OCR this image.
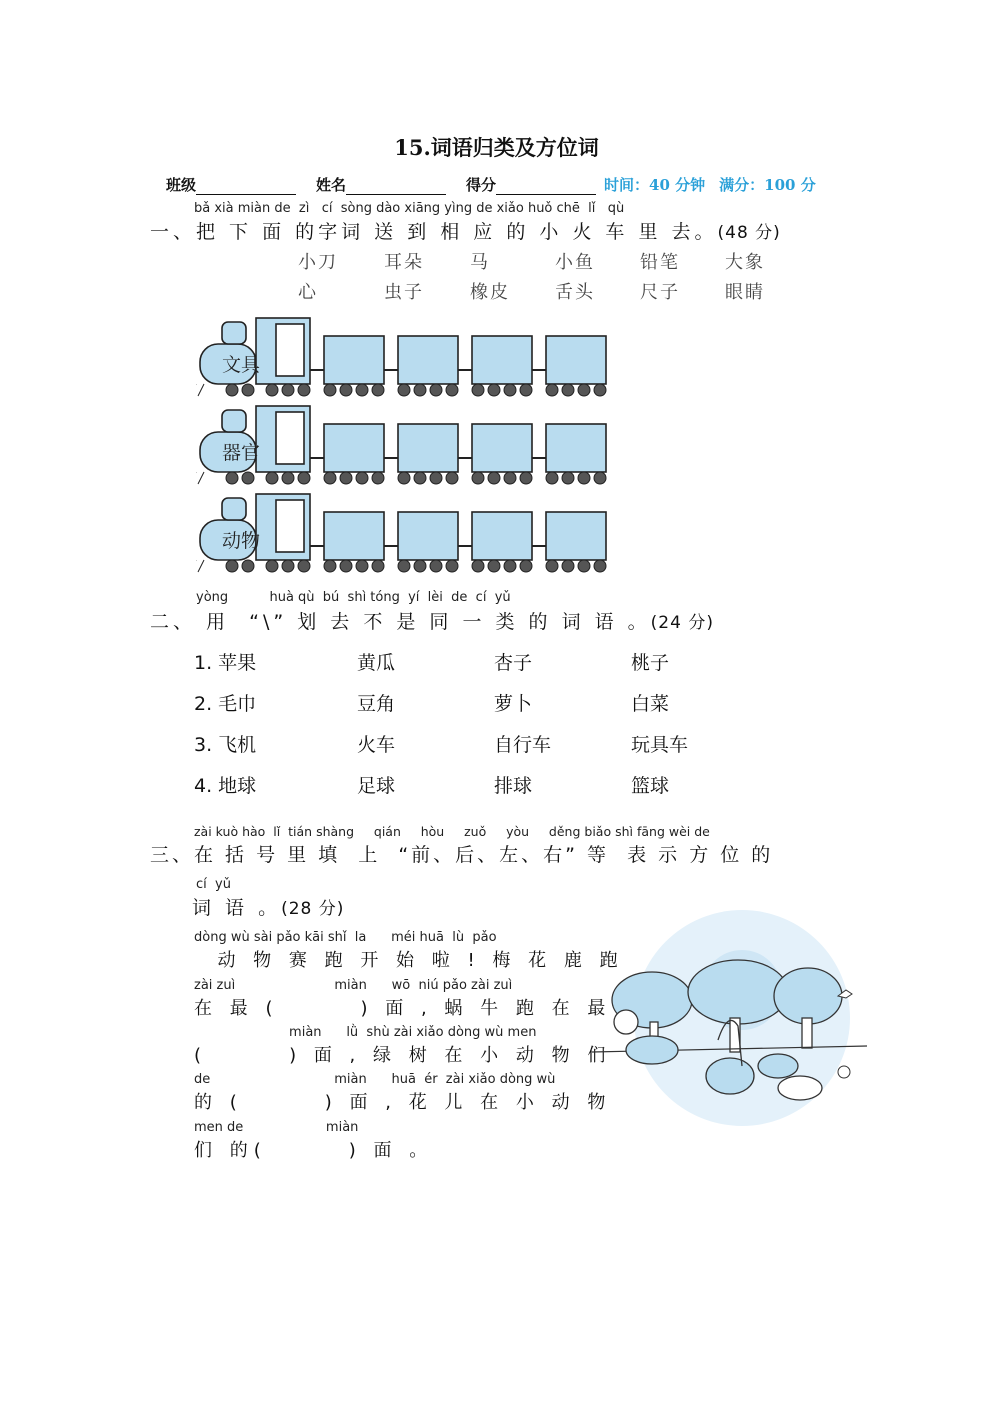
15.词语归类及方位词
班级	姓名	得分	时间：40 分钟 满分：100 分
bǎ xià miàn de  zì   cí  sòng dào xiāng yìng de xiǎo huǒ chē  lǐ   qù
一、把 下 面 的字词 送 到 相 应 的 小 火 车 里 去。(48 分)
小刀	耳朵	马	小鱼	铅笔	大象
心	虫子	橡皮	舌头	尺子	眼睛
文具
器官
动物
yòng          huà qù  bú  shì tóng  yí  lèi  de  cí  yǔ
二、 用  “\” 划 去 不 是 同 一 类 的 词 语 。(24 分)
1. 苹果	黄瓜	杏子	桃子
2. 毛巾	豆角	萝卜	白菜
3. 飞机	火车	自行车	玩具车
4. 地球	足球	排球	篮球
zài kuò hào  lǐ  tián shàng     qián     hòu     zuǒ     yòu     děng biǎo shì fāng wèi de
三、在 括 号 里 填  上  “前、后、左、右” 等  表 示 方 位 的
cí  yǔ
词 语 。(28 分)
dòng wù sài pǎo kāi shǐ  la      méi huā  lù  pǎo
动 物 赛 跑 开 始 啦 ! 梅 花 鹿 跑
zài zuì                        miàn      wō  niú pǎo zài zuì
在 最 (       ) 面 , 蜗 牛 跑 在 最
miàn      lǜ  shù zài xiǎo dòng wù men
(       ) 面 , 绿 树 在 小 动 物 们
de                              miàn      huā  ér  zài xiǎo dòng wù
的 (       ) 面 , 花 儿 在 小 动 物
men de                    miàn
们 的(       ) 面 。
